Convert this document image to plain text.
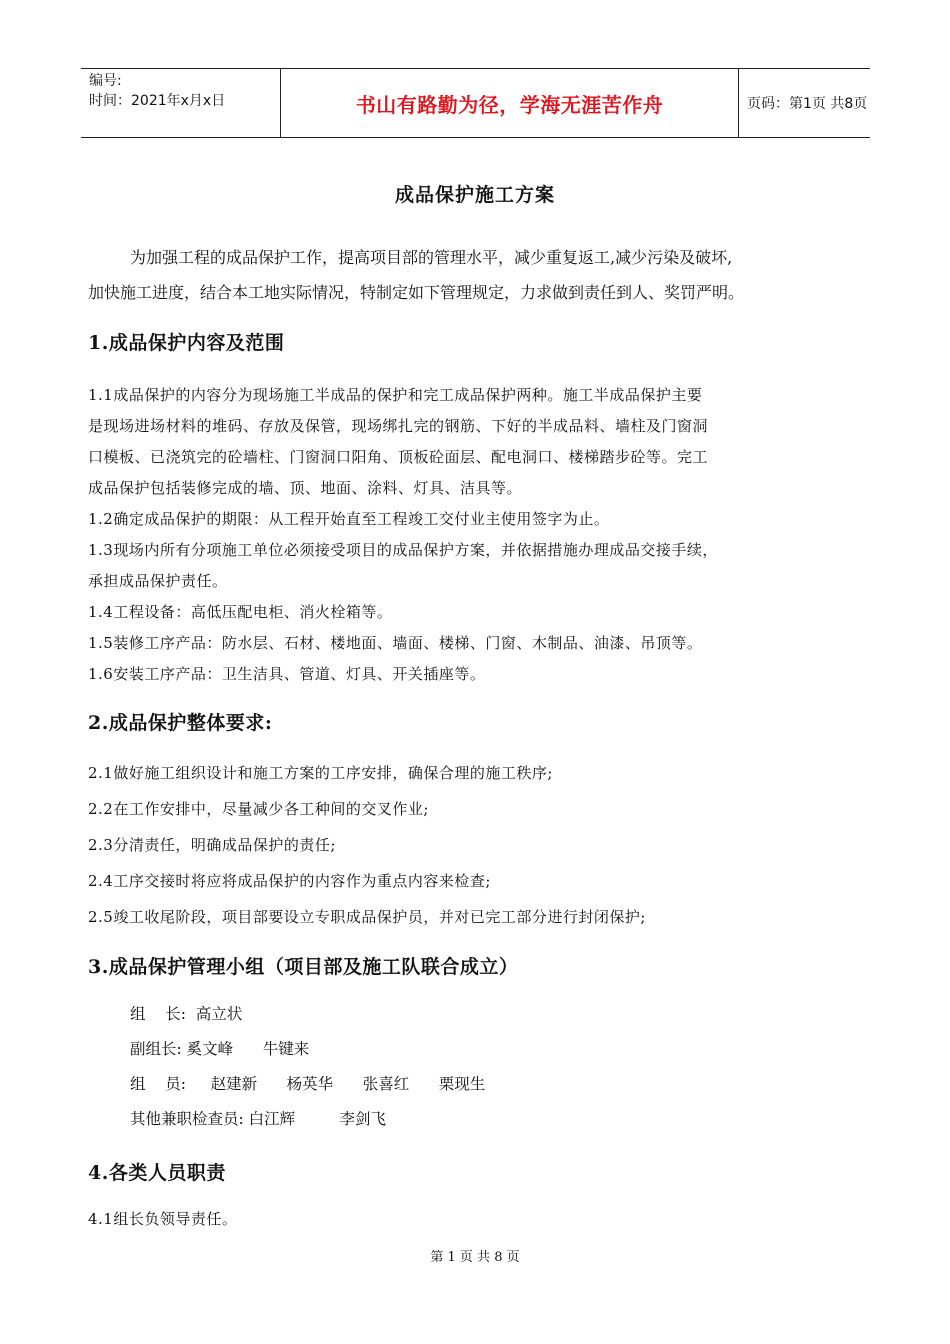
编号:
时间：2021年x月x日	书山有路勤为径，学海无涯苦作舟	页码：第1页 共8页
成品保护施工方案

为加强工程的成品保护工作，提高项目部的管理水平，减少重复返工,减少污染及破坏,

加快施工进度，结合本工地实际情况，特制定如下管理规定，力求做到责任到人、奖罚严明。

1.成品保护内容及范围

1.1成品保护的内容分为现场施工半成品的保护和完工成品保护两种。施工半成品保护主要

是现场进场材料的堆码、存放及保管，现场绑扎完的钢筋、下好的半成品料、墙柱及门窗洞

口模板、已浇筑完的砼墙柱、门窗洞口阳角、顶板砼面层、配电洞口、楼梯踏步砼等。完工

成品保护包括装修完成的墙、顶、地面、涂料、灯具、洁具等。

1.2确定成品保护的期限：从工程开始直至工程竣工交付业主使用签字为止。

1.3现场内所有分项施工单位必须接受项目的成品保护方案，并依据措施办理成品交接手续，

承担成品保护责任。

1.4工程设备：高低压配电柜、消火栓箱等。

1.5装修工序产品：防水层、石材、楼地面、墙面、楼梯、门窗、木制品、油漆、吊顶等。

1.6安装工序产品：卫生洁具、管道、灯具、开关插座等。

2.成品保护整体要求:

2.1做好施工组织设计和施工方案的工序安排，确保合理的施工秩序;

2.2在工作安排中，尽量减少各工种间的交叉作业;

2.3分清责任，明确成品保护的责任;

2.4工序交接时将应将成品保护的内容作为重点内容来检查;

2.5竣工收尾阶段，项目部要设立专职成品保护员，并对已完工部分进行封闭保护;

3.成品保护管理小组（项目部及施工队联合成立）
组    长:  高立状
副组长: 奚文峰      牛键来
组    员:     赵建新      杨英华      张喜红      栗现生
其他兼职检查员: 白江辉         李剑飞
4.各类人员职责

4.1组长负领导责任。

第 1 页 共 8 页
